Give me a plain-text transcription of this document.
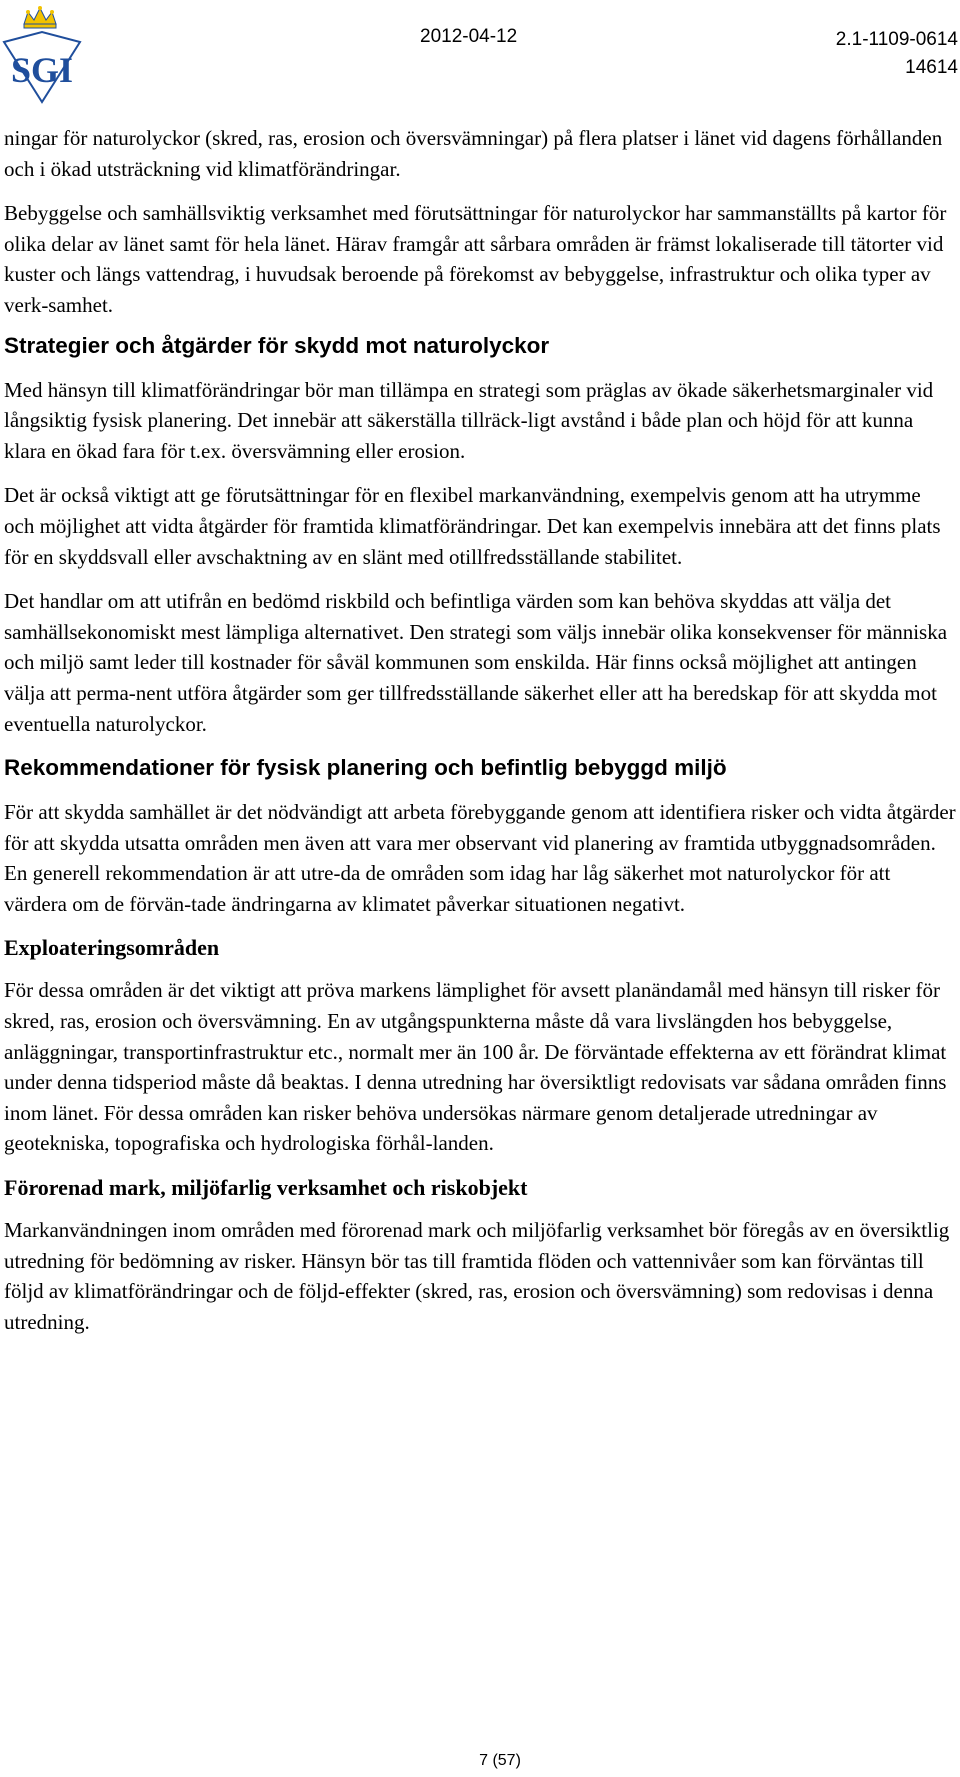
SGI
2012-04-12	2.1-1109-0614
14614

ningar för naturolyckor (skred, ras, erosion och översvämningar) på flera platser i länet vid dagens förhållanden och i ökad utsträckning vid klimatförändringar.

Bebyggelse och samhällsviktig verksamhet med förutsättningar för naturolyckor har sammanställts på kartor för olika delar av länet samt för hela länet. Härav framgår att sårbara områden är främst lokaliserade till tätorter vid kuster och längs vattendrag, i huvudsak beroende på förekomst av bebyggelse, infrastruktur och olika typer av verk-samhet.

Strategier och åtgärder för skydd mot naturolyckor

Med hänsyn till klimatförändringar bör man tillämpa en strategi som präglas av ökade säkerhetsmarginaler vid långsiktig fysisk planering. Det innebär att säkerställa tillräck-ligt avstånd i både plan och höjd för att kunna klara en ökad fara för t.ex. översvämning eller erosion.

Det är också viktigt att ge förutsättningar för en flexibel markanvändning, exempelvis genom att ha utrymme och möjlighet att vidta åtgärder för framtida klimatförändringar. Det kan exempelvis innebära att det finns plats för en skyddsvall eller avschaktning av en slänt med otillfredsställande stabilitet.

Det handlar om att utifrån en bedömd riskbild och befintliga värden som kan behöva skyddas att välja det samhällsekonomiskt mest lämpliga alternativet. Den strategi som väljs innebär olika konsekvenser för människa och miljö samt leder till kostnader för såväl kommunen som enskilda. Här finns också möjlighet att antingen välja att perma-nent utföra åtgärder som ger tillfredsställande säkerhet eller att ha beredskap för att skydda mot eventuella naturolyckor.

Rekommendationer för fysisk planering och befintlig bebyggd miljö

För att skydda samhället är det nödvändigt att arbeta förebyggande genom att identifiera risker och vidta åtgärder för att skydda utsatta områden men även att vara mer observant vid planering av framtida utbyggnadsområden. En generell rekommendation är att utre-da de områden som idag har låg säkerhet mot naturolyckor för att värdera om de förvän-tade ändringarna av klimatet påverkar situationen negativt.

Exploateringsområden

För dessa områden är det viktigt att pröva markens lämplighet för avsett planändamål med hänsyn till risker för skred, ras, erosion och översvämning. En av utgångspunkterna måste då vara livslängden hos bebyggelse, anläggningar, transportinfrastruktur etc., normalt mer än 100 år. De förväntade effekterna av ett förändrat klimat under denna tidsperiod måste då beaktas. I denna utredning har översiktligt redovisats var sådana områden finns inom länet. För dessa områden kan risker behöva undersökas närmare genom detaljerade utredningar av geotekniska, topografiska och hydrologiska förhål-landen.

Förorenad mark, miljöfarlig verksamhet och riskobjekt

Markanvändningen inom områden med förorenad mark och miljöfarlig verksamhet bör föregås av en översiktlig utredning för bedömning av risker. Hänsyn bör tas till framtida flöden och vattennivåer som kan förväntas till följd av klimatförändringar och de följd-effekter (skred, ras, erosion och översvämning) som redovisas i denna utredning.

7 (57)
